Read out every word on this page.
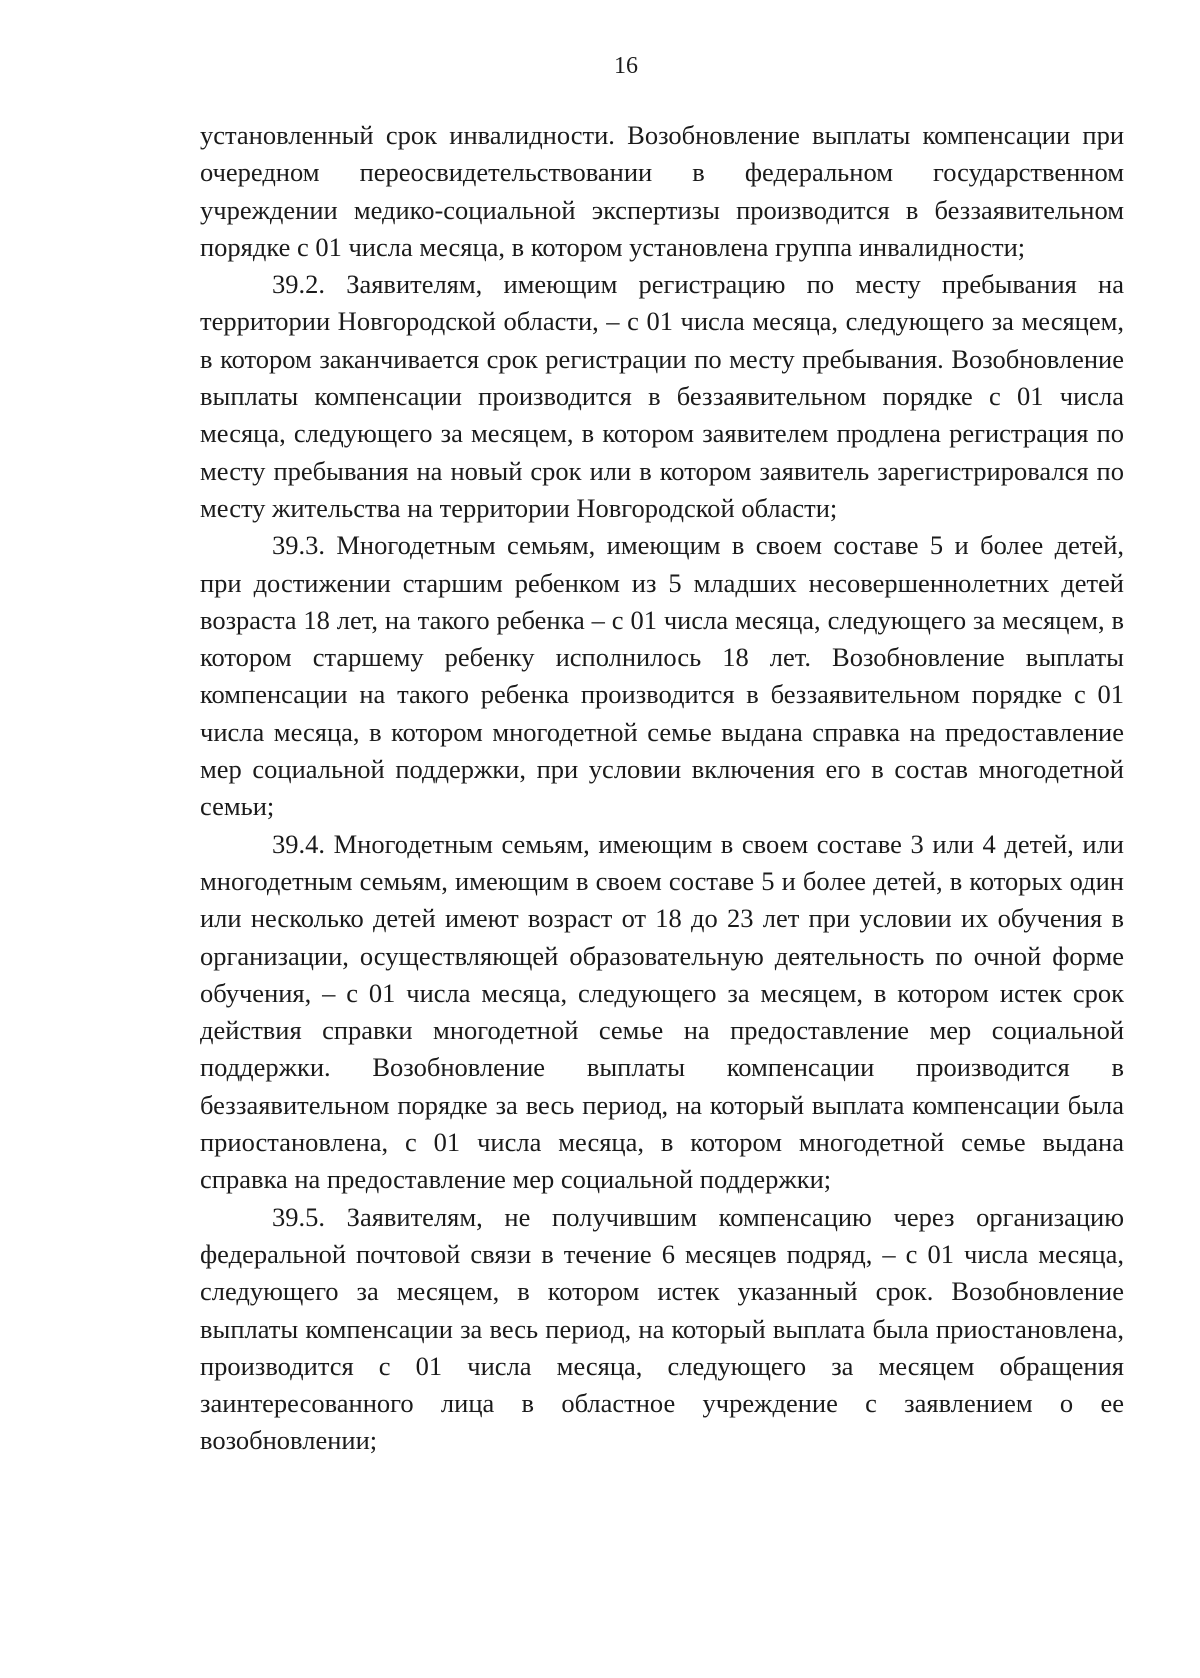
16

установленный срок инвалидности. Возобновление выплаты компенсации при очередном переосвидетельствовании в федеральном государственном учреждении медико-социальной экспертизы производится в беззаявительном порядке с 01 числа месяца, в котором установлена группа инвалидности;

39.2. Заявителям, имеющим регистрацию по месту пребывания на территории Новгородской области, – с 01 числа месяца, следующего за месяцем, в котором заканчивается срок регистрации по месту пребывания. Возобновление выплаты компенсации производится в беззаявительном порядке с 01 числа месяца, следующего за месяцем, в котором заявителем продлена регистрация по месту пребывания на новый срок или в котором заявитель зарегистрировался по месту жительства на территории Новгородской области;

39.3. Многодетным семьям, имеющим в своем составе 5 и более детей, при достижении старшим ребенком из 5 младших несовершеннолетних детей возраста 18 лет, на такого ребенка – с 01 числа месяца, следующего за месяцем, в котором старшему ребенку исполнилось 18 лет. Возобновление выплаты компенсации на такого ребенка производится в беззаявительном порядке с 01 числа месяца, в котором многодетной семье выдана справка на предоставление мер социальной поддержки, при условии включения его в состав многодетной семьи;

39.4. Многодетным семьям, имеющим в своем составе 3 или 4 детей, или многодетным семьям, имеющим в своем составе 5 и более детей, в которых один или несколько детей имеют возраст от 18 до 23 лет при условии их обучения в организации, осуществляющей образовательную деятельность по очной форме обучения, – с 01 числа месяца, следующего за месяцем, в котором истек срок действия справки многодетной семье на предоставление мер социальной поддержки. Возобновление выплаты компенсации производится в беззаявительном порядке за весь период, на который выплата компенсации была приостановлена, с 01 числа месяца, в котором многодетной семье выдана справка на предоставление мер социальной поддержки;

39.5. Заявителям, не получившим компенсацию через организацию федеральной почтовой связи в течение 6 месяцев подряд, – с 01 числа месяца, следующего за месяцем, в котором истек указанный срок. Возобновление выплаты компенсации за весь период, на который выплата была приостановлена, производится с 01 числа месяца, следующего за месяцем обращения заинтересованного лица в областное учреждение с заявлением о ее возобновлении;
